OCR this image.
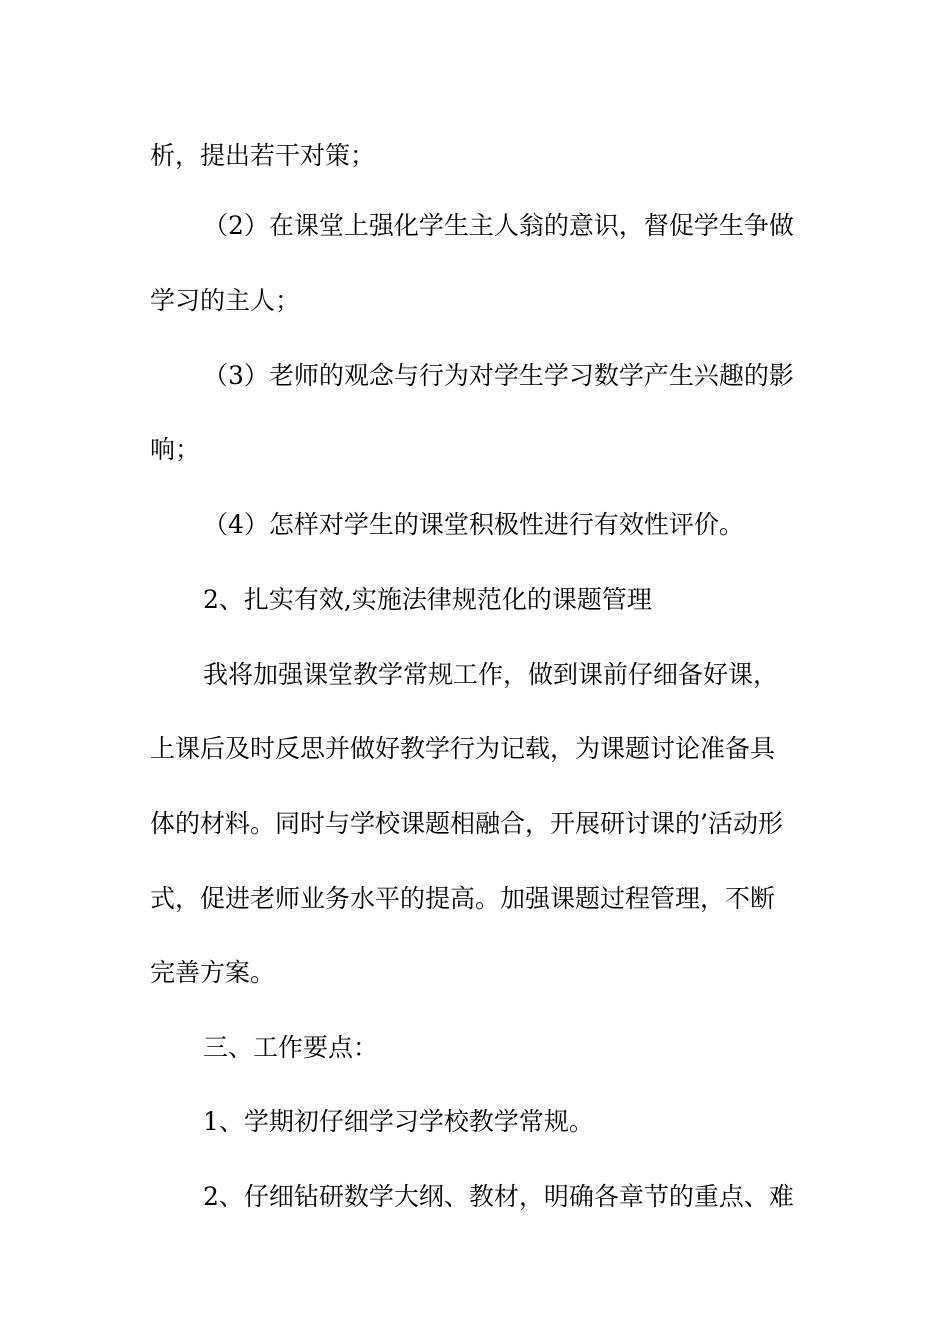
析，提出若干对策；
（2）在课堂上强化学生主人翁的意识，督促学生争做
学习的主人；
（3）老师的观念与行为对学生学习数学产生兴趣的影
响；
（4）怎样对学生的课堂积极性进行有效性评价。
2、扎实有效,实施法律规范化的课题管理
我将加强课堂教学常规工作，做到课前仔细备好课，
上课后及时反思并做好教学行为记载，为课题讨论准备具
体的材料。同时与学校课题相融合，开展研讨课的’活动形
式，促进老师业务水平的提高。加强课题过程管理，不断
完善方案。
三、工作要点：
1、学期初仔细学习学校教学常规。
2、仔细钻研数学大纲、教材，明确各章节的重点、难
